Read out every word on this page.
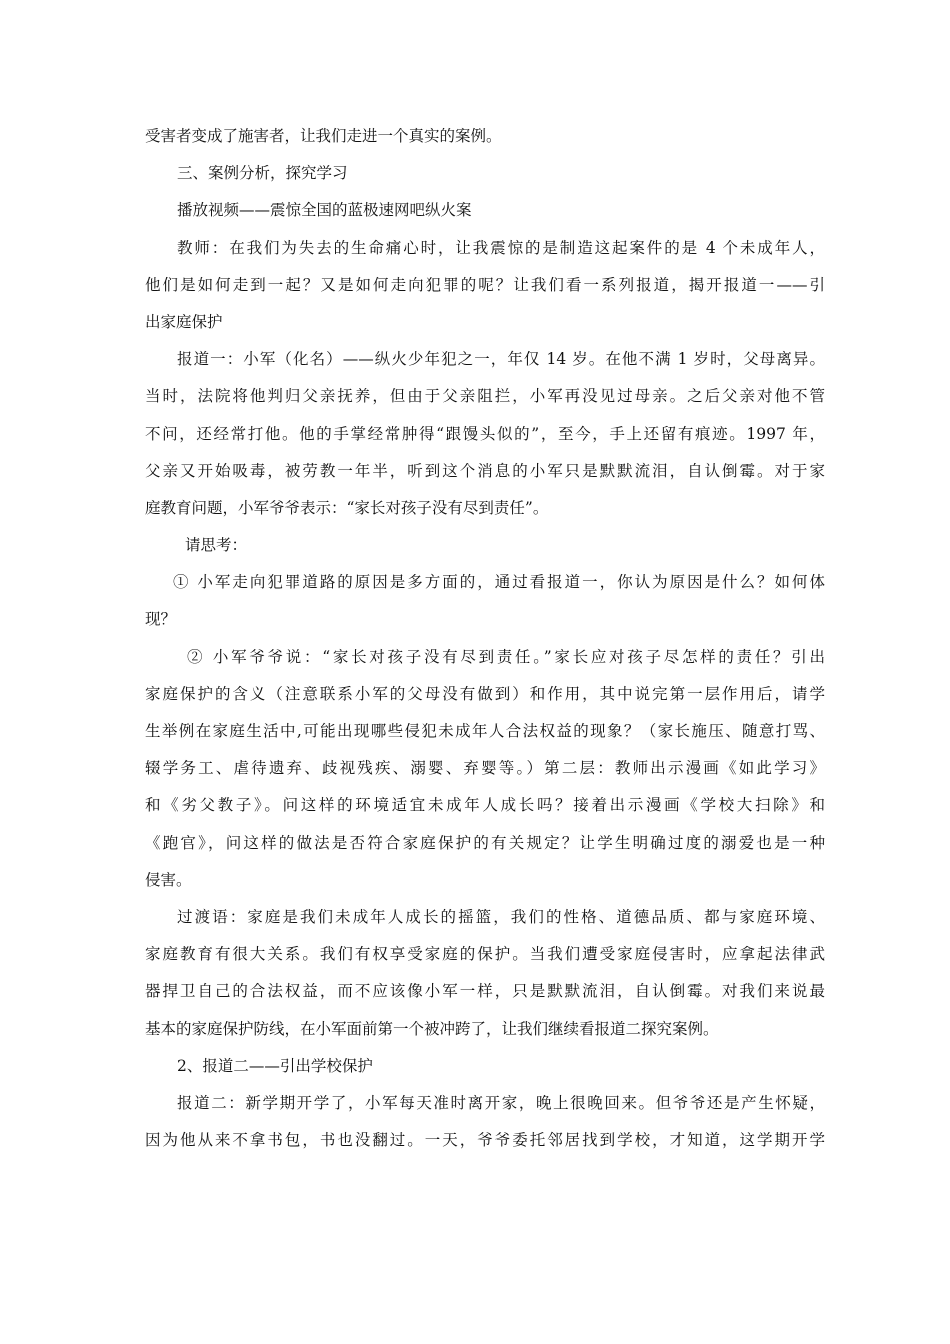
受害者变成了施害者，让我们走进一个真实的案例。
三、案例分析，探究学习
播放视频——震惊全国的蓝极速网吧纵火案
教师：在我们为失去的生命痛心时，让我震惊的是制造这起案件的是 4 个未成年人，
他们是如何走到一起？又是如何走向犯罪的呢？让我们看一系列报道，揭开报道一——引
出家庭保护
报道一：小军（化名）——纵火少年犯之一，年仅 14 岁。在他不满 1 岁时，父母离异。
当时，法院将他判归父亲抚养，但由于父亲阻拦，小军再没见过母亲。之后父亲对他不管
不问，还经常打他。他的手掌经常肿得“跟馒头似的”，至今，手上还留有痕迹。1997 年，
父亲又开始吸毒，被劳教一年半，听到这个消息的小军只是默默流泪，自认倒霉。对于家
庭教育问题，小军爷爷表示：“家长对孩子没有尽到责任”。
请思考：
① 小军走向犯罪道路的原因是多方面的，通过看报道一，你认为原因是什么？如何体
现？
② 小军爷爷说：“家长对孩子没有尽到责任。”家长应对孩子尽怎样的责任？引出
家庭保护的含义（注意联系小军的父母没有做到）和作用，其中说完第一层作用后，请学
生举例在家庭生活中,可能出现哪些侵犯未成年人合法权益的现象？（家长施压、随意打骂、
辍学务工、虐待遗弃、歧视残疾、溺婴、弃婴等。）第二层：教师出示漫画《如此学习》
和《劣父教子》。问这样的环境适宜未成年人成长吗？接着出示漫画《学校大扫除》和
《跑官》，问这样的做法是否符合家庭保护的有关规定？让学生明确过度的溺爱也是一种
侵害。
过渡语：家庭是我们未成年人成长的摇篮，我们的性格、道德品质、都与家庭环境、
家庭教育有很大关系。我们有权享受家庭的保护。当我们遭受家庭侵害时，应拿起法律武
器捍卫自己的合法权益，而不应该像小军一样，只是默默流泪，自认倒霉。对我们来说最
基本的家庭保护防线，在小军面前第一个被冲跨了，让我们继续看报道二探究案例。
2、报道二——引出学校保护
报道二：新学期开学了，小军每天准时离开家，晚上很晚回来。但爷爷还是产生怀疑，
因为他从来不拿书包，书也没翻过。一天，爷爷委托邻居找到学校，才知道，这学期开学
